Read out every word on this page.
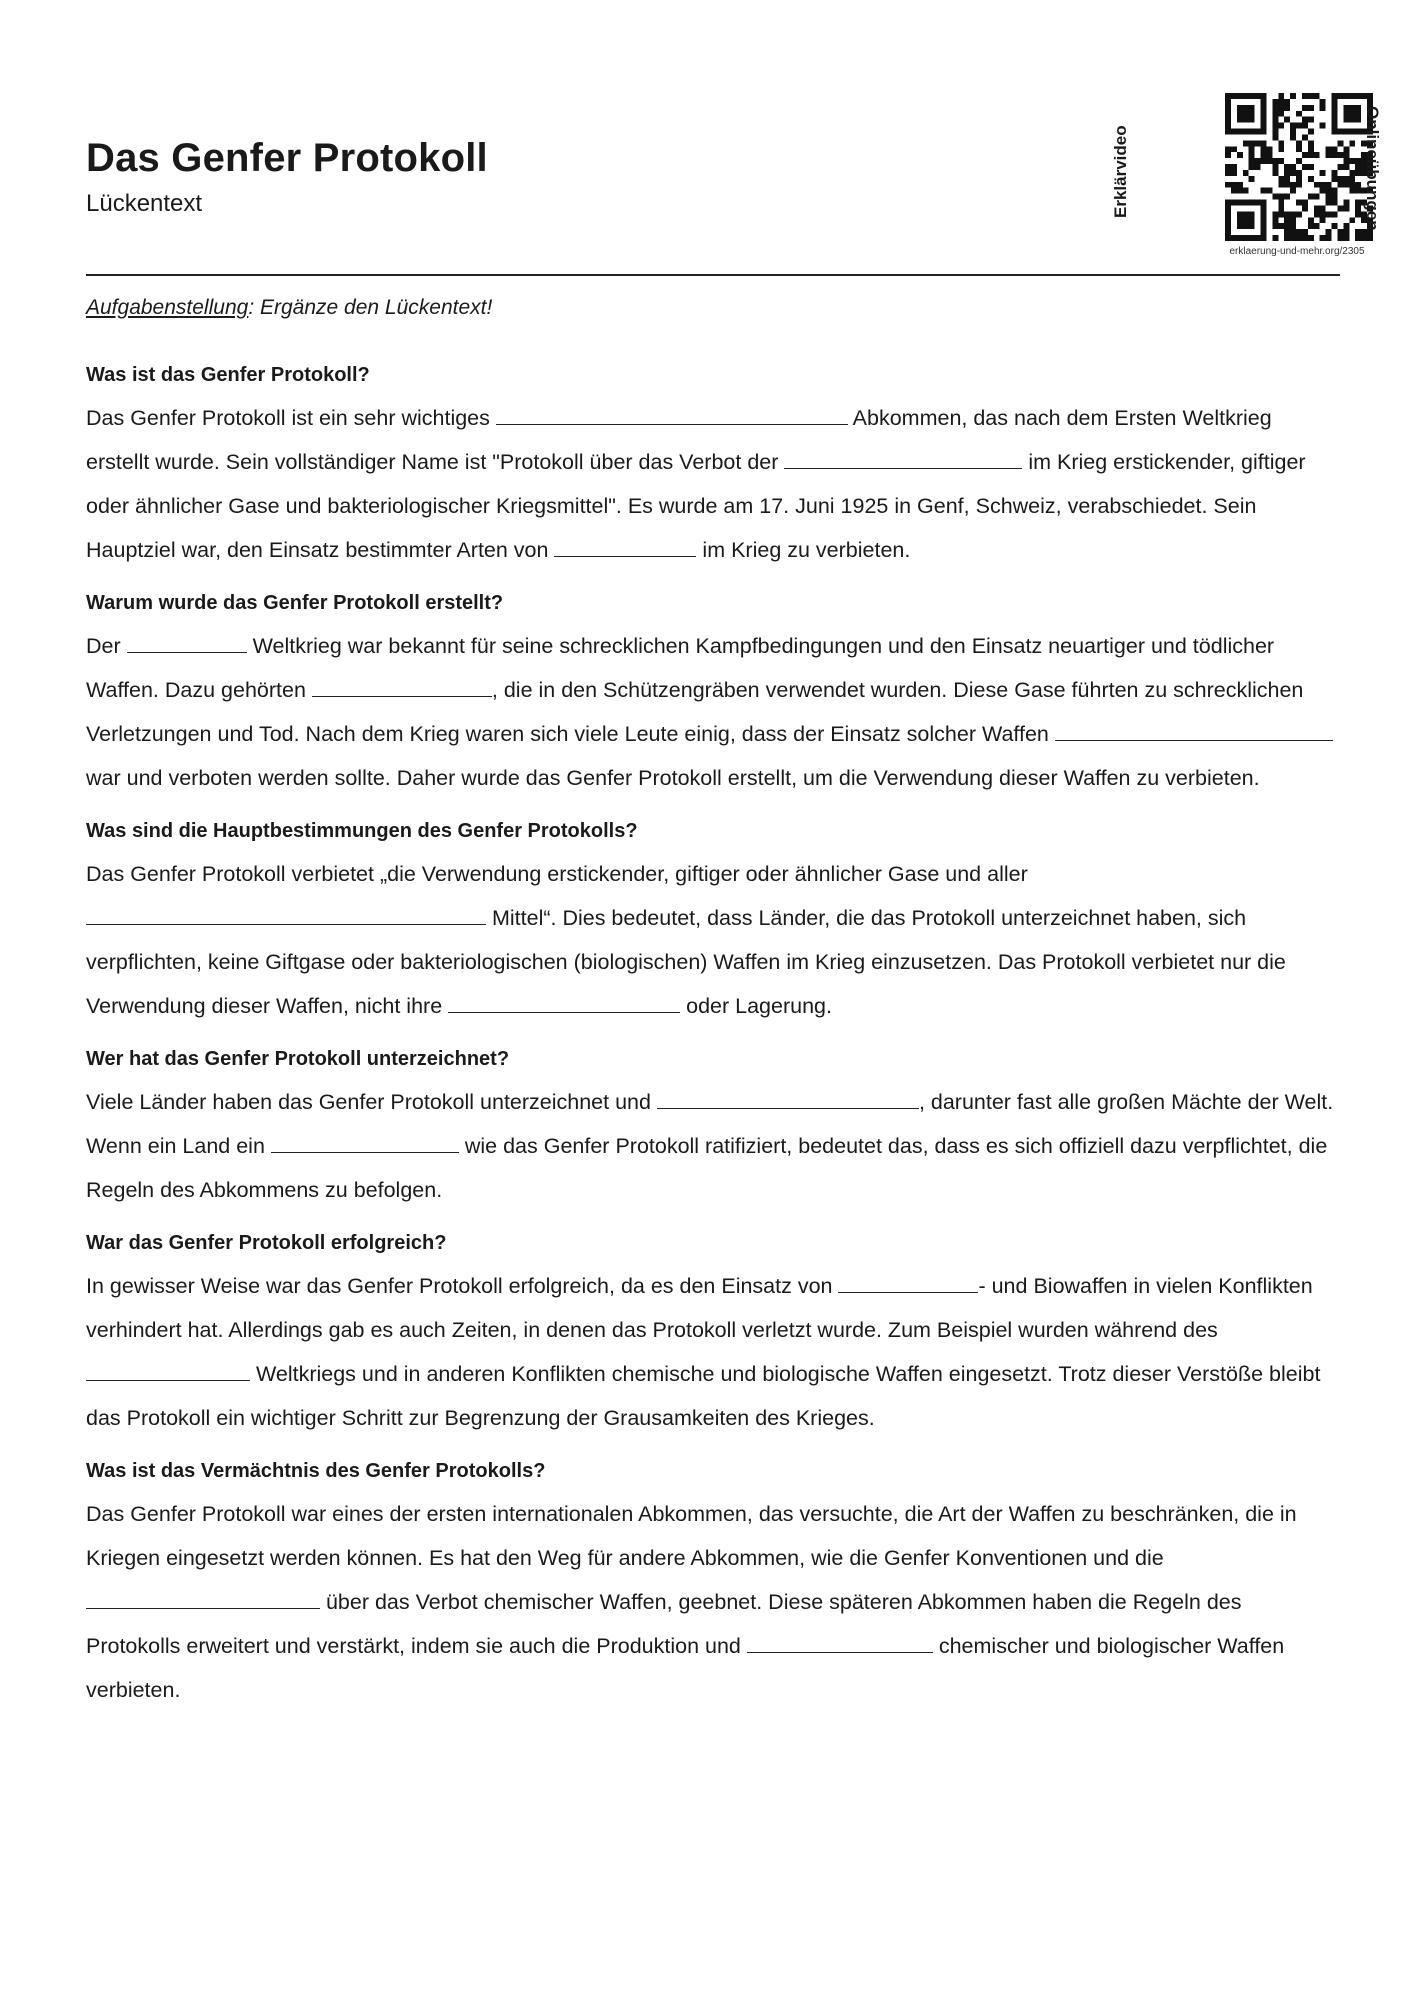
Das Genfer Protokoll
Lückentext	Erklärvideo
erklaerung-und-mehr.org/2305
Onlineübungen
Aufgabenstellung: Ergänze den Lückentext!
Was ist das Genfer Protokoll?

Das Genfer Protokoll ist ein sehr wichtiges	Abkommen, das nach dem Ersten Weltkrieg erstellt wurde. Sein vollständiger Name ist "Protokoll über das Verbot der	im Krieg erstickender, giftiger oder ähnlicher Gase und bakteriologischer Kriegsmittel". Es wurde am 17. Juni 1925 in Genf, Schweiz, verabschiedet. Sein Hauptziel war, den Einsatz bestimmter Arten von	im Krieg zu verbieten.

Warum wurde das Genfer Protokoll erstellt?

Der	Weltkrieg war bekannt für seine schrecklichen Kampfbedingungen und den Einsatz neuartiger und tödlicher Waffen. Dazu gehörten	, die in den Schützengräben verwendet wurden. Diese Gase führten zu schrecklichen Verletzungen und Tod. Nach dem Krieg waren sich viele Leute einig, dass der Einsatz solcher Waffen  war und verboten werden sollte. Daher wurde das Genfer Protokoll erstellt, um die Verwendung dieser Waffen zu verbieten.

Was sind die Hauptbestimmungen des Genfer Protokolls?

Das Genfer Protokoll verbietet „die Verwendung erstickender, giftiger oder ähnlicher Gase und aller  Mittel“. Dies bedeutet, dass Länder, die das Protokoll unterzeichnet haben, sich verpflichten, keine Giftgase oder bakteriologischen (biologischen) Waffen im Krieg einzusetzen. Das Protokoll verbietet nur die Verwendung dieser Waffen, nicht ihre	oder Lagerung.

Wer hat das Genfer Protokoll unterzeichnet?

Viele Länder haben das Genfer Protokoll unterzeichnet und	, darunter fast alle großen Mächte der Welt. Wenn ein Land ein	wie das Genfer Protokoll ratifiziert, bedeutet das, dass es sich offiziell dazu verpflichtet, die Regeln des Abkommens zu befolgen.

War das Genfer Protokoll erfolgreich?

In gewisser Weise war das Genfer Protokoll erfolgreich, da es den Einsatz von	- und Biowaffen in vielen Konflikten verhindert hat. Allerdings gab es auch Zeiten, in denen das Protokoll verletzt wurde. Zum Beispiel wurden während des  Weltkriegs und in anderen Konflikten chemische und biologische Waffen eingesetzt. Trotz dieser Verstöße bleibt das Protokoll ein wichtiger Schritt zur Begrenzung der Grausamkeiten des Krieges.

Was ist das Vermächtnis des Genfer Protokolls?

Das Genfer Protokoll war eines der ersten internationalen Abkommen, das versuchte, die Art der Waffen zu beschränken, die in Kriegen eingesetzt werden können. Es hat den Weg für andere Abkommen, wie die Genfer Konventionen und die  über das Verbot chemischer Waffen, geebnet. Diese späteren Abkommen haben die Regeln des Protokolls erweitert und verstärkt, indem sie auch die Produktion und	chemischer und biologischer Waffen verbieten.
